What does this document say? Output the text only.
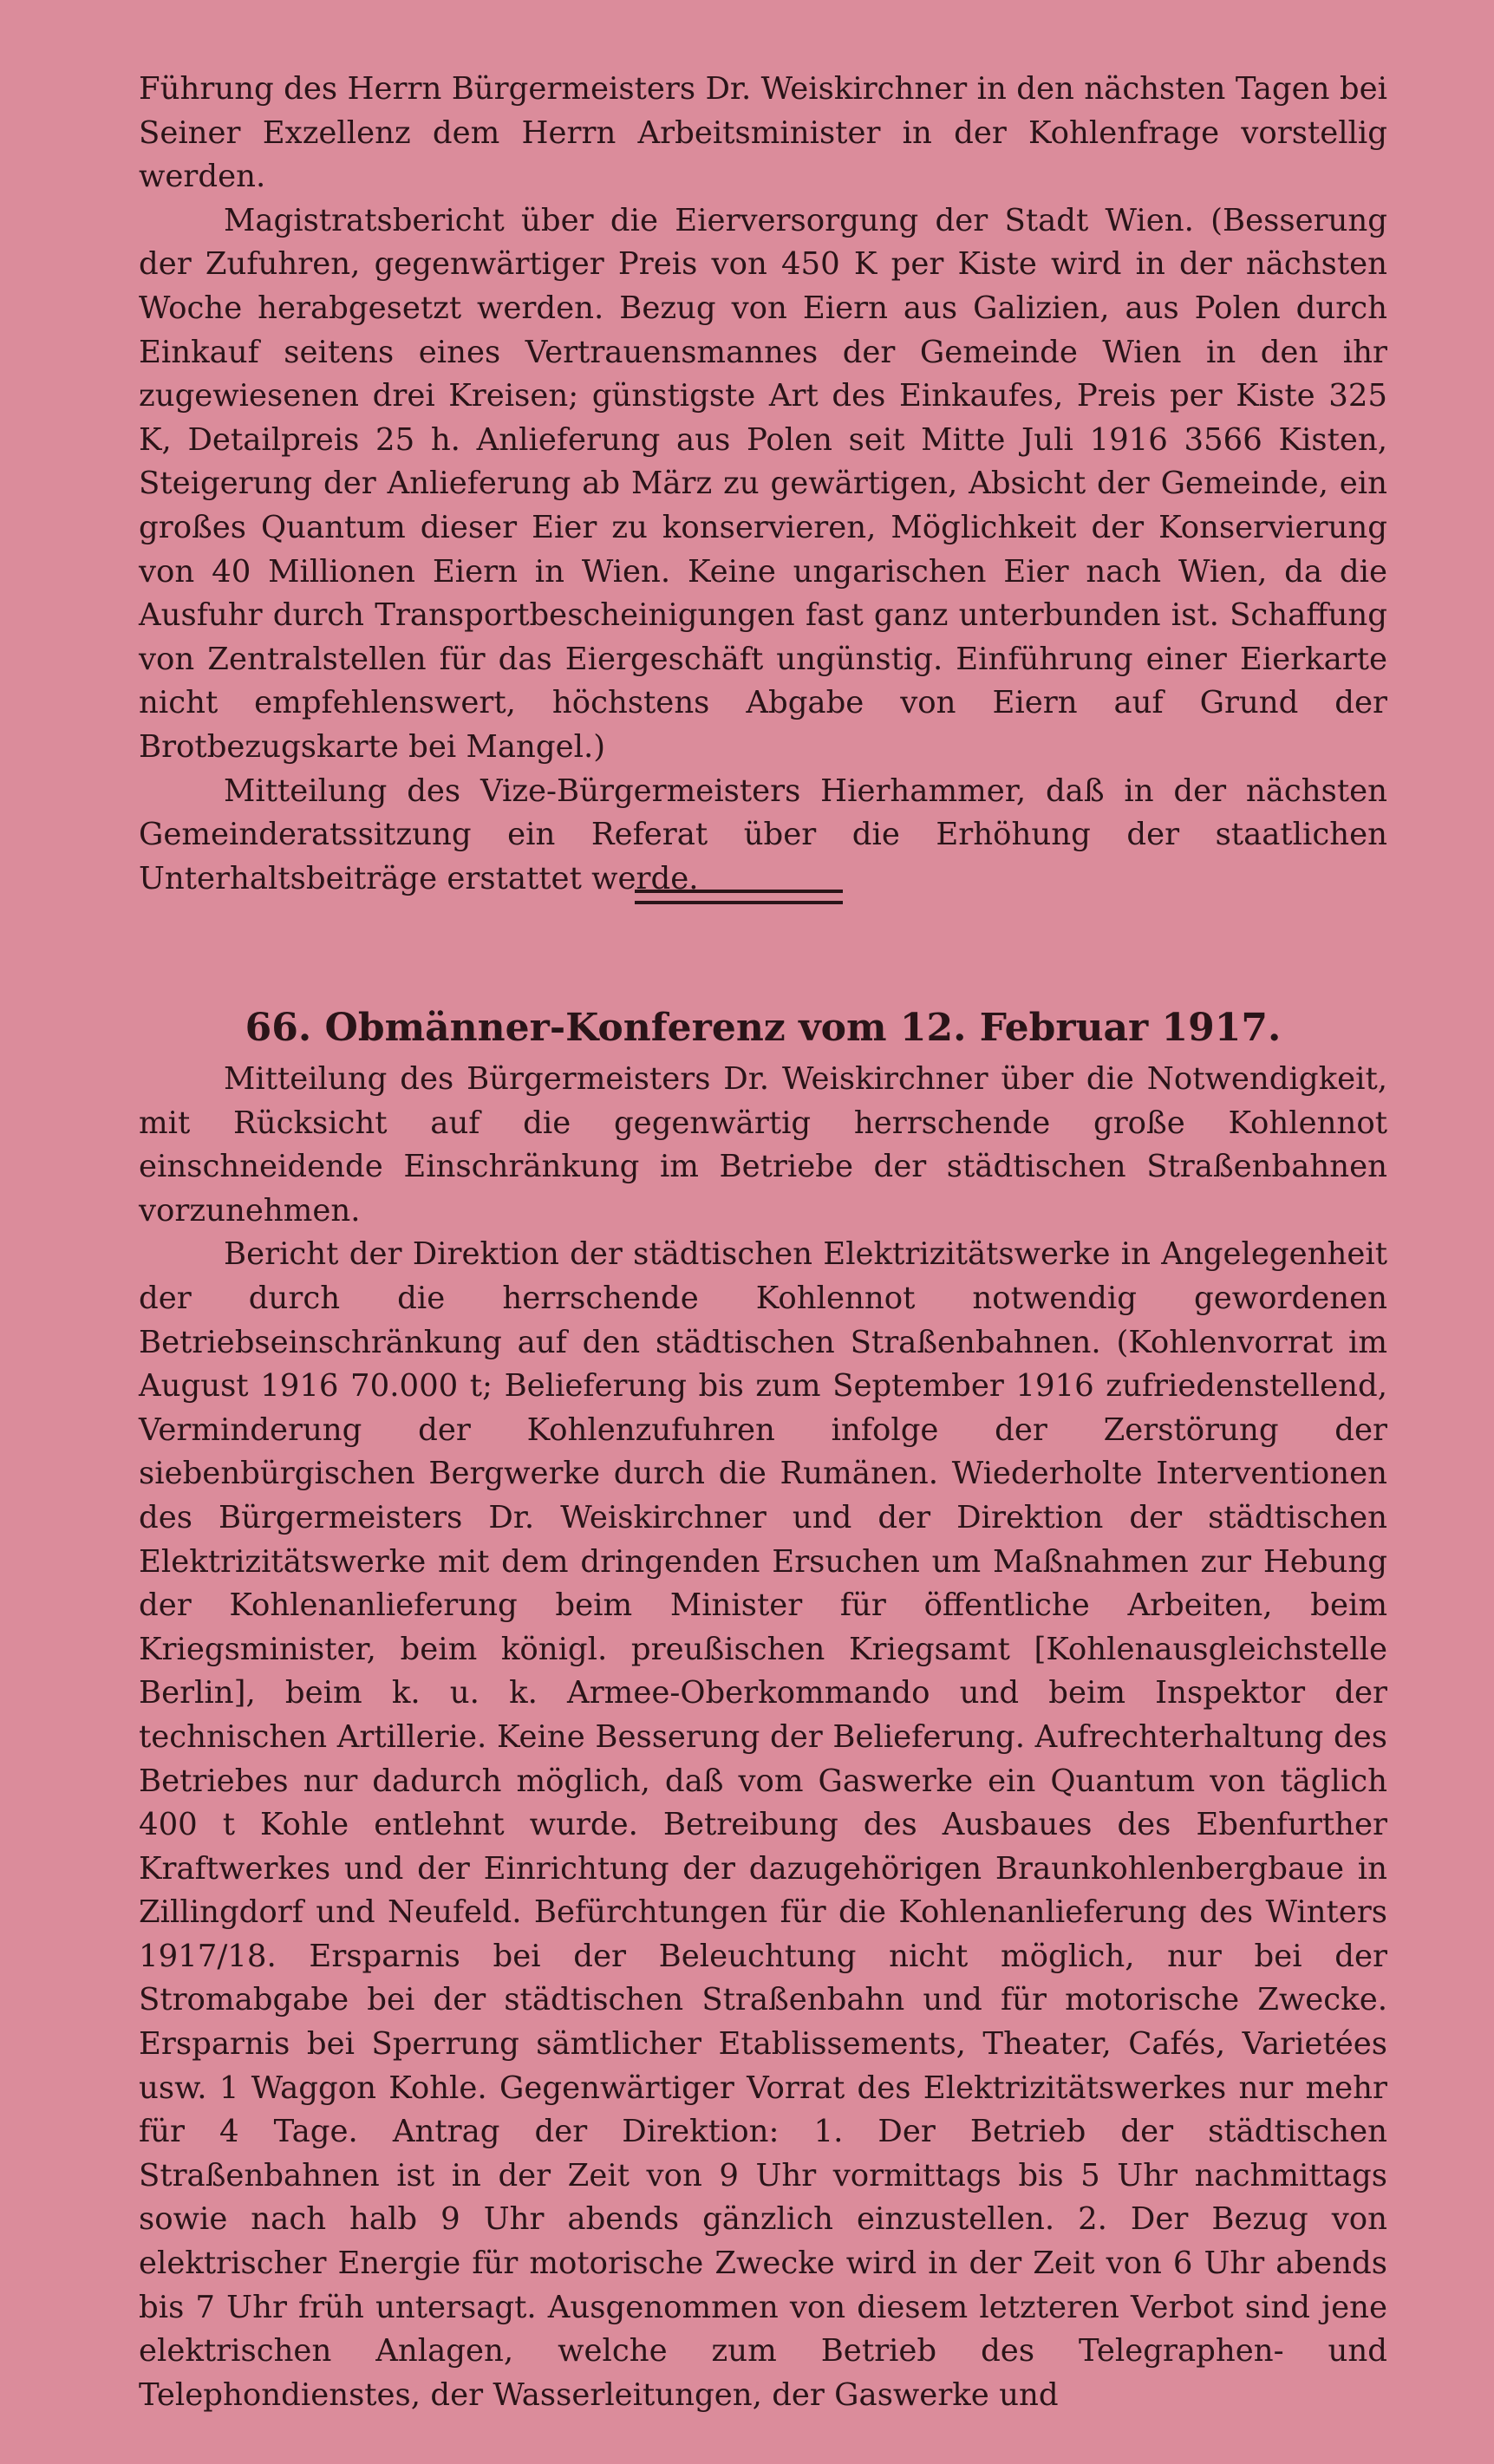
Führung des Herrn Bürgermeisters Dr. Weiskirchner in den nächsten Tagen bei Seiner Exzellenz dem Herrn Arbeitsminister in der Kohlenfrage vorstellig werden.

Magistratsbericht über die Eierversorgung der Stadt Wien. (Besserung der Zufuhren, gegenwärtiger Preis von 450 K per Kiste wird in der nächsten Woche herabgesetzt werden. Bezug von Eiern aus Galizien, aus Polen durch Einkauf seitens eines Vertrauensmannes der Gemeinde Wien in den ihr zugewiesenen drei Kreisen; günstigste Art des Einkaufes, Preis per Kiste 325 K, Detailpreis 25 h. Anlieferung aus Polen seit Mitte Juli 1916 3566 Kisten, Steigerung der Anlieferung ab März zu gewärtigen, Absicht der Gemeinde, ein großes Quantum dieser Eier zu konservieren, Möglichkeit der Konservierung von 40 Millionen Eiern in Wien. Keine ungarischen Eier nach Wien, da die Ausfuhr durch Transportbescheinigungen fast ganz unterbunden ist. Schaffung von Zentralstellen für das Eiergeschäft ungünstig. Einführung einer Eierkarte nicht empfehlenswert, höchstens Abgabe von Eiern auf Grund der Brotbezugskarte bei Mangel.)

Mitteilung des Vize-Bürgermeisters Hierhammer, daß in der nächsten Gemeinderatssitzung ein Referat über die Erhöhung der staatlichen Unterhaltsbeiträge erstattet werde.

66. Obmänner-Konferenz vom 12. Februar 1917.

Mitteilung des Bürgermeisters Dr. Weiskirchner über die Notwendigkeit, mit Rücksicht auf die gegenwärtig herrschende große Kohlennot einschneidende Einschränkung im Betriebe der städtischen Straßenbahnen vorzunehmen.

Bericht der Direktion der städtischen Elektrizitätswerke in Angelegenheit der durch die herrschende Kohlennot notwendig gewordenen Betriebseinschränkung auf den städtischen Straßenbahnen. (Kohlenvorrat im August 1916 70.000 t; Belieferung bis zum September 1916 zufriedenstellend, Verminderung der Kohlenzufuhren infolge der Zerstörung der siebenbürgischen Bergwerke durch die Rumänen. Wiederholte Interventionen des Bürgermeisters Dr. Weiskirchner und der Direktion der städtischen Elektrizitätswerke mit dem dringenden Ersuchen um Maßnahmen zur Hebung der Kohlenanlieferung beim Minister für öffentliche Arbeiten, beim Kriegsminister, beim königl. preußischen Kriegsamt [Kohlenausgleichstelle Berlin], beim k. u. k. Armee-Oberkommando und beim Inspektor der technischen Artillerie. Keine Besserung der Belieferung. Aufrechterhaltung des Betriebes nur dadurch möglich, daß vom Gaswerke ein Quantum von täglich 400 t Kohle entlehnt wurde. Betreibung des Ausbaues des Ebenfurther Kraftwerkes und der Einrichtung der dazugehörigen Braunkohlenbergbaue in Zillingdorf und Neufeld. Befürchtungen für die Kohlenanlieferung des Winters 1917/18. Ersparnis bei der Beleuchtung nicht möglich, nur bei der Stromabgabe bei der städtischen Straßenbahn und für motorische Zwecke. Ersparnis bei Sperrung sämtlicher Etablissements, Theater, Cafés, Varietées usw. 1 Waggon Kohle. Gegenwärtiger Vorrat des Elektrizitätswerkes nur mehr für 4 Tage. Antrag der Direktion: 1. Der Betrieb der städtischen Straßenbahnen ist in der Zeit von 9 Uhr vormittags bis 5 Uhr nachmittags sowie nach halb 9 Uhr abends gänzlich einzustellen. 2. Der Bezug von elektrischer Energie für motorische Zwecke wird in der Zeit von 6 Uhr abends bis 7 Uhr früh untersagt. Ausgenommen von diesem letzteren Verbot sind jene elektrischen Anlagen, welche zum Betrieb des Telegraphen- und Telephondienstes, der Wasserleitungen, der Gaswerke und
